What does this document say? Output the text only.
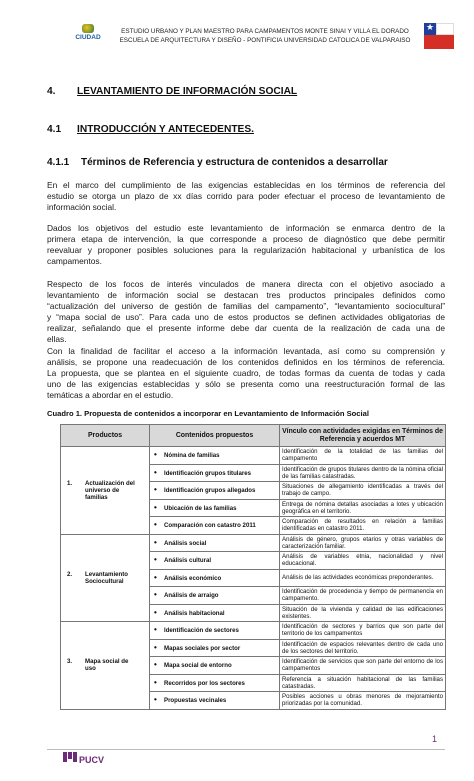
CIUDAD
ESTUDIO URBANO Y PLAN MAESTRO PARA CAMPAMENTOS MONTE SINAI Y VILLA EL DORADO
ESCUELA DE ARQUITECTURA Y DISEÑO - PONTIFICIA UNIVERSIDAD CATOLICA DE VALPARAISO
★
4. LEVANTAMIENTO DE INFORMACIÓN SOCIAL
4.1 INTRODUCCIÓN Y ANTECEDENTES.
4.1.1 Términos de Referencia y estructura de contenidos a desarrollar
En el marco del cumplimiento de las exigencias establecidas en los términos de referencia del
estudio se otorga un plazo de xx días corrido para poder efectuar el proceso de levantamiento de
información social.
Dados los objetivos del estudio este levantamiento de información se enmarca dentro de la
primera etapa de intervención, la que corresponde a proceso de diagnóstico que debe permitir
reevaluar y proponer posibles soluciones para la regularización habitacional y urbanística de los
campamentos.
Respecto de los focos de interés vinculados de manera directa con el objetivo asociado a
levantamiento de información social se destacan tres productos principales definidos como
“actualización del universo de gestión de familias del campamento”, “levantamiento sociocultural”
y “mapa social de uso”. Para cada uno de estos productos se definen actividades obligatorias de
realizar, señalando que el presente informe debe dar cuenta de la realización de cada una de
ellas.
Con la finalidad de facilitar el acceso a la información levantada, así como su comprensión y
análisis, se propone una readecuación de los contenidos definidos en los términos de referencia.
La propuesta, que se plantea en el siguiente cuadro, de todas formas da cuenta de todas y cada
uno de las exigencias establecidas y sólo se presenta como una reestructuración formal de las
temáticas a abordar en el estudio.
Cuadro 1. Propuesta de contenidos a incorporar en Levantamiento de Información Social
Productos	Contenidos propuestos	Vínculo con actividades exigidas en Términos de Referencia y acuerdos MT
1. Actualización del universo de familias	• Nómina de familias	Identificación de la totalidad de las familias del campamento
	• Identificación grupos titulares	Identificación de grupos titulares dentro de la nómina oficial de las familias catastradas.
	• Identificación grupos allegados	Situaciones de allegamiento identificadas a través del trabajo de campo.
	• Ubicación de las familias	Entrega de nómina detallas asociadas a lotes y ubicación geográfica en el territorio.
	• Comparación con catastro 2011	Comparación de resultados en relación a familias identificadas en catastro 2011.
2. Levantamiento Sociocultural	• Análisis social	Análisis de género, grupos etarios y otras variables de caracterización familiar.
	• Análisis cultural	Análisis de variables etnia, nacionalidad y nivel educacional.
	• Análisis económico	Análisis de las actividades económicas preponderantes.
	• Análisis de arraigo	Identificación de procedencia y tiempo de permanencia en campamento.
	• Análisis habitacional	Situación de la vivienda y calidad de las edificaciones existentes.
3. Mapa social de uso	• Identificación de sectores	Identificación de sectores y barrios que son parte del territorio de los campamentos
	• Mapas sociales por sector	Identificación de espacios relevantes dentro de cada uno de los sectores del territorio.
	• Mapa social de entorno	Identificación de servicios que son parte del entorno de los campamentos
	• Recorridos por los sectores	Referencia a situación habitacional de las familias catastradas.
	• Propuestas vecinales	Posibles acciones u obras menores de mejoramiento priorizadas por la comunidad.
PUCV
1
